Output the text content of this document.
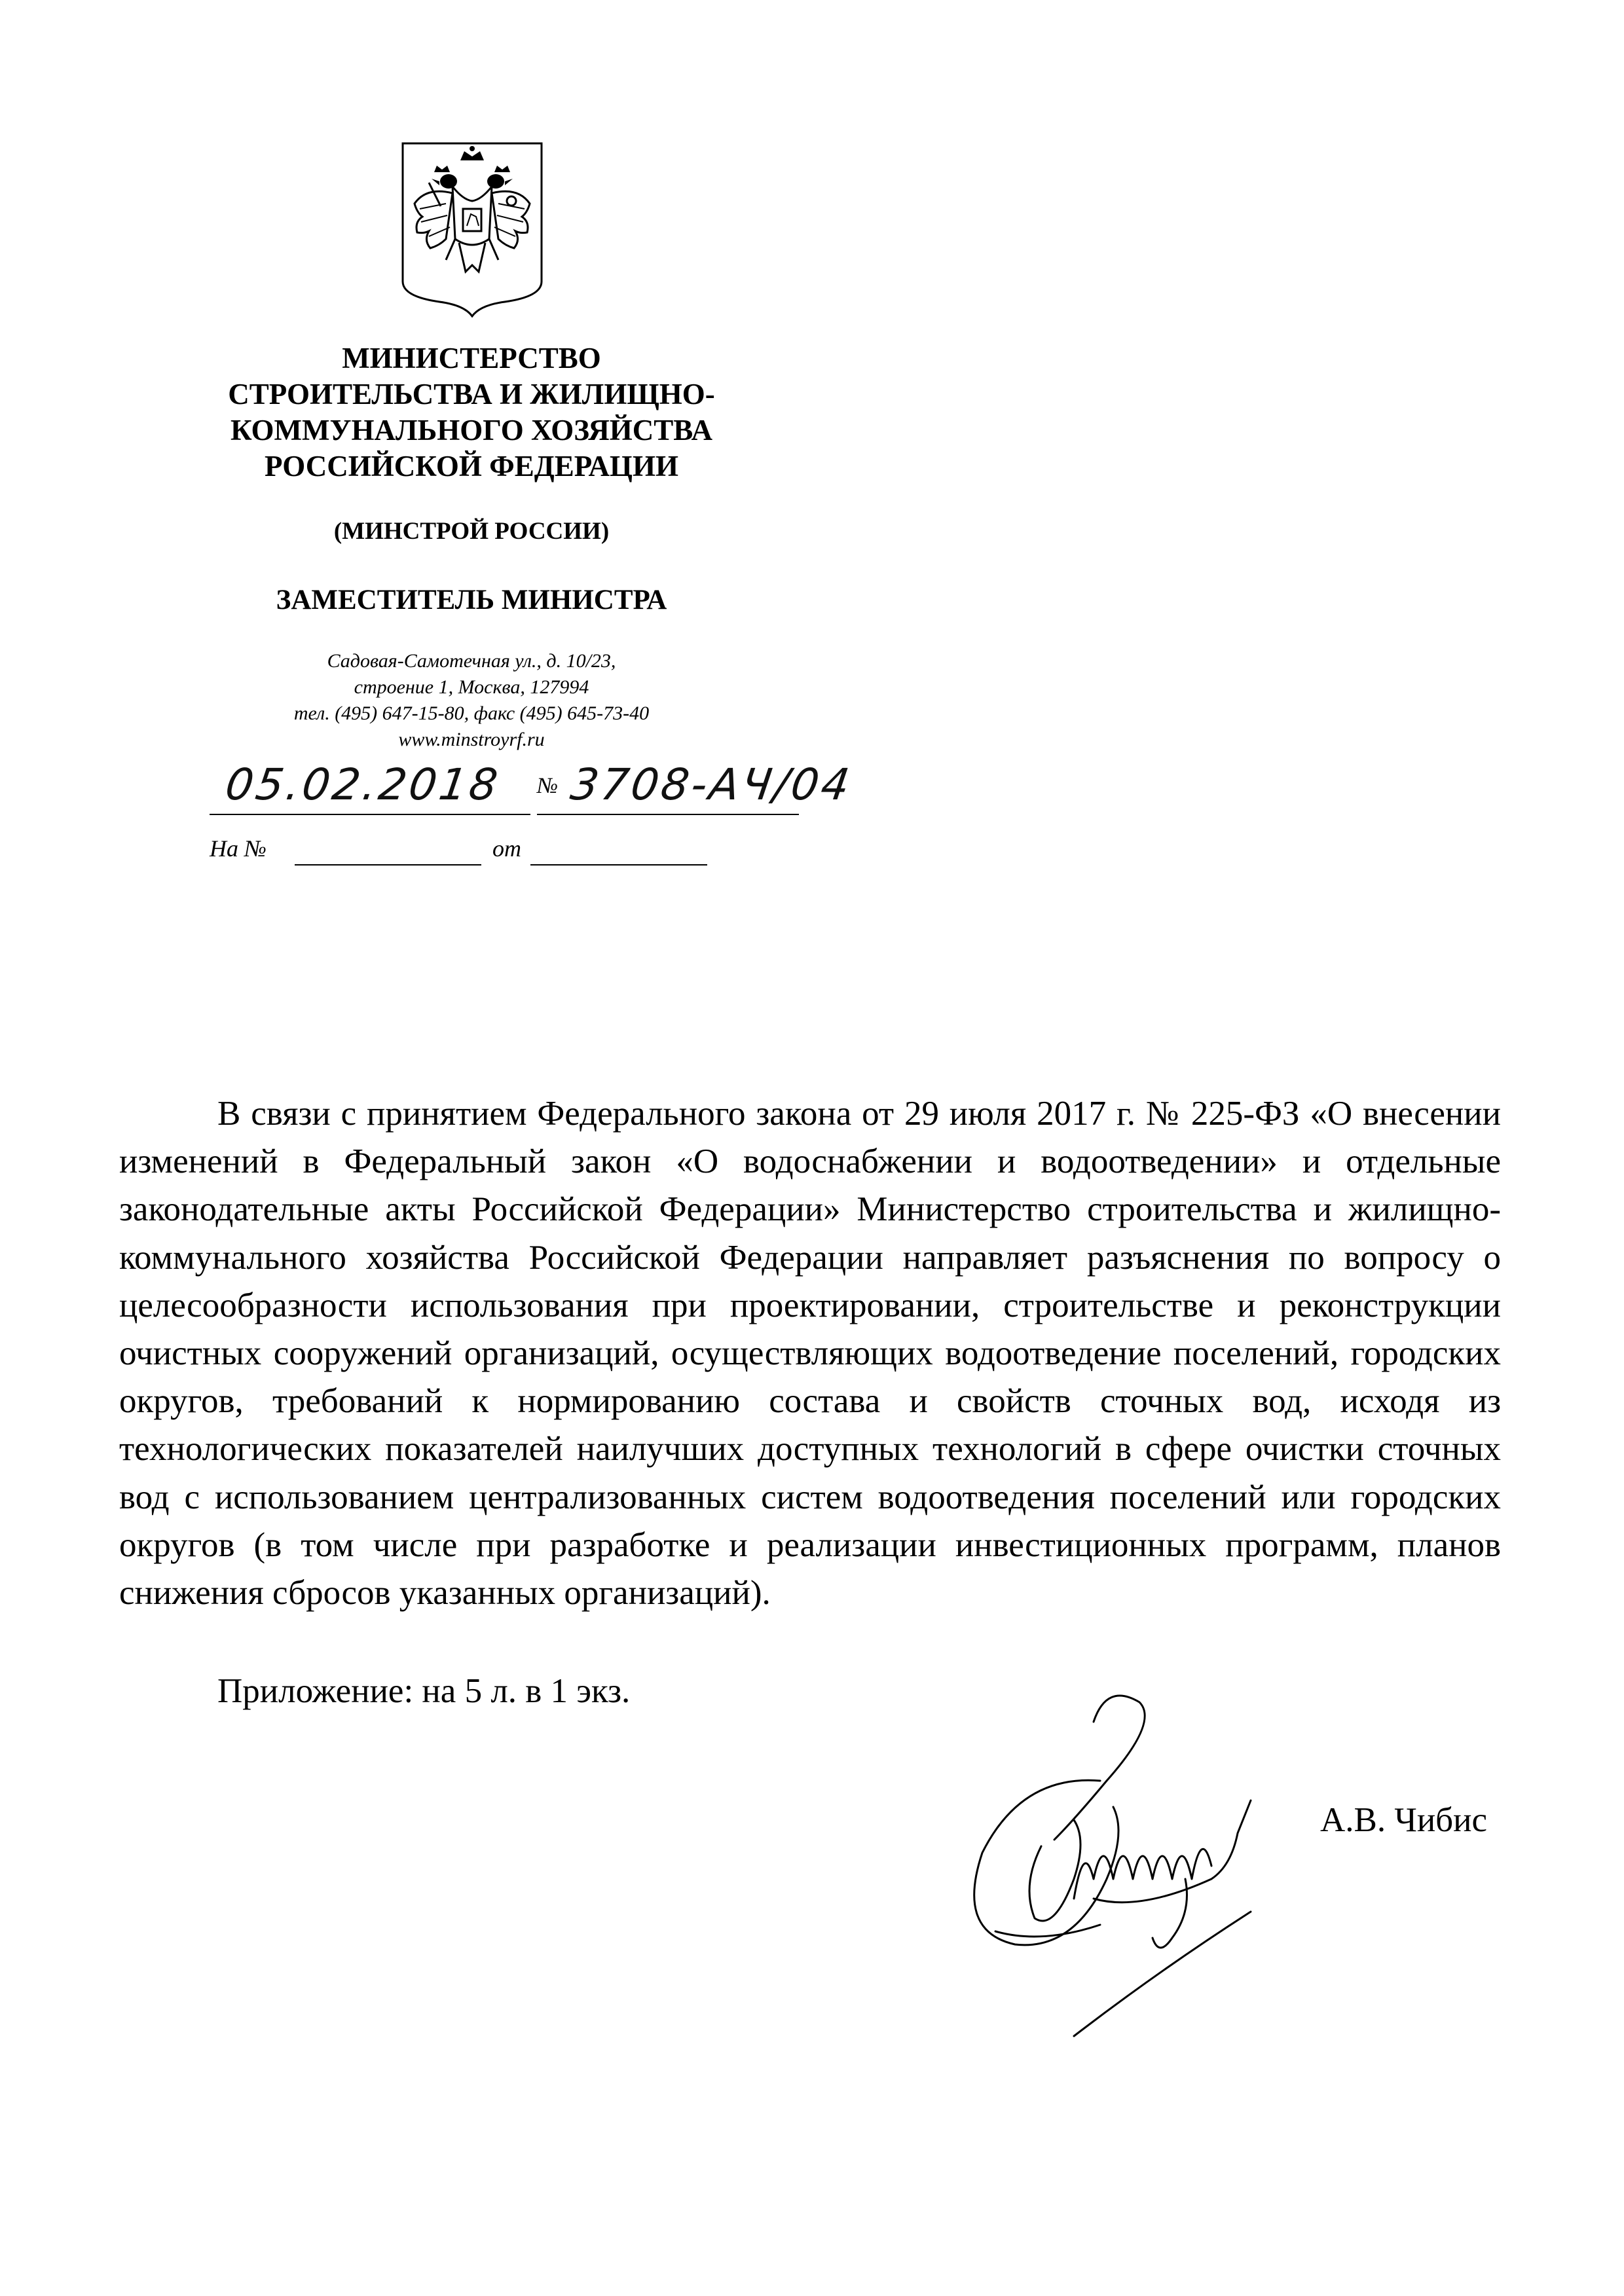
МИНИСТЕРСТВО
СТРОИТЕЛЬСТВА И ЖИЛИЩНО-
КОММУНАЛЬНОГО ХОЗЯЙСТВА
РОССИЙСКОЙ ФЕДЕРАЦИИ
(МИНСТРОЙ РОССИИ)
ЗАМЕСТИТЕЛЬ МИНИСТРА
Садовая-Самотечная ул., д. 10/23,
строение 1, Москва, 127994
тел. (495) 647-15-80, факс (495) 645-73-40
www.minstroyrf.ru
05.02.2018 № 3708-АЧ/04
На №	от

В связи с принятием Федерального закона от 29 июля 2017 г. № 225-ФЗ «О внесении изменений в Федеральный закон «О водоснабжении и водоотведении» и отдельные законодательные акты Российской Федерации» Министерство строительства и жилищно-коммунального хозяйства Российской Федерации направляет разъяснения по вопросу о целесообразности использования при проектировании, строительстве и реконструкции очистных сооружений организаций, осуществляющих водоотведение поселений, городских округов, требований к нормированию состава и свойств сточных вод, исходя из технологических показателей наилучших доступных технологий в сфере очистки сточных вод с использованием централизованных систем водоотведения поселений или городских округов (в том числе при разработке и реализации инвестиционных программ, планов снижения сбросов указанных организаций).

Приложение: на 5 л. в 1 экз.
А.В. Чибис
